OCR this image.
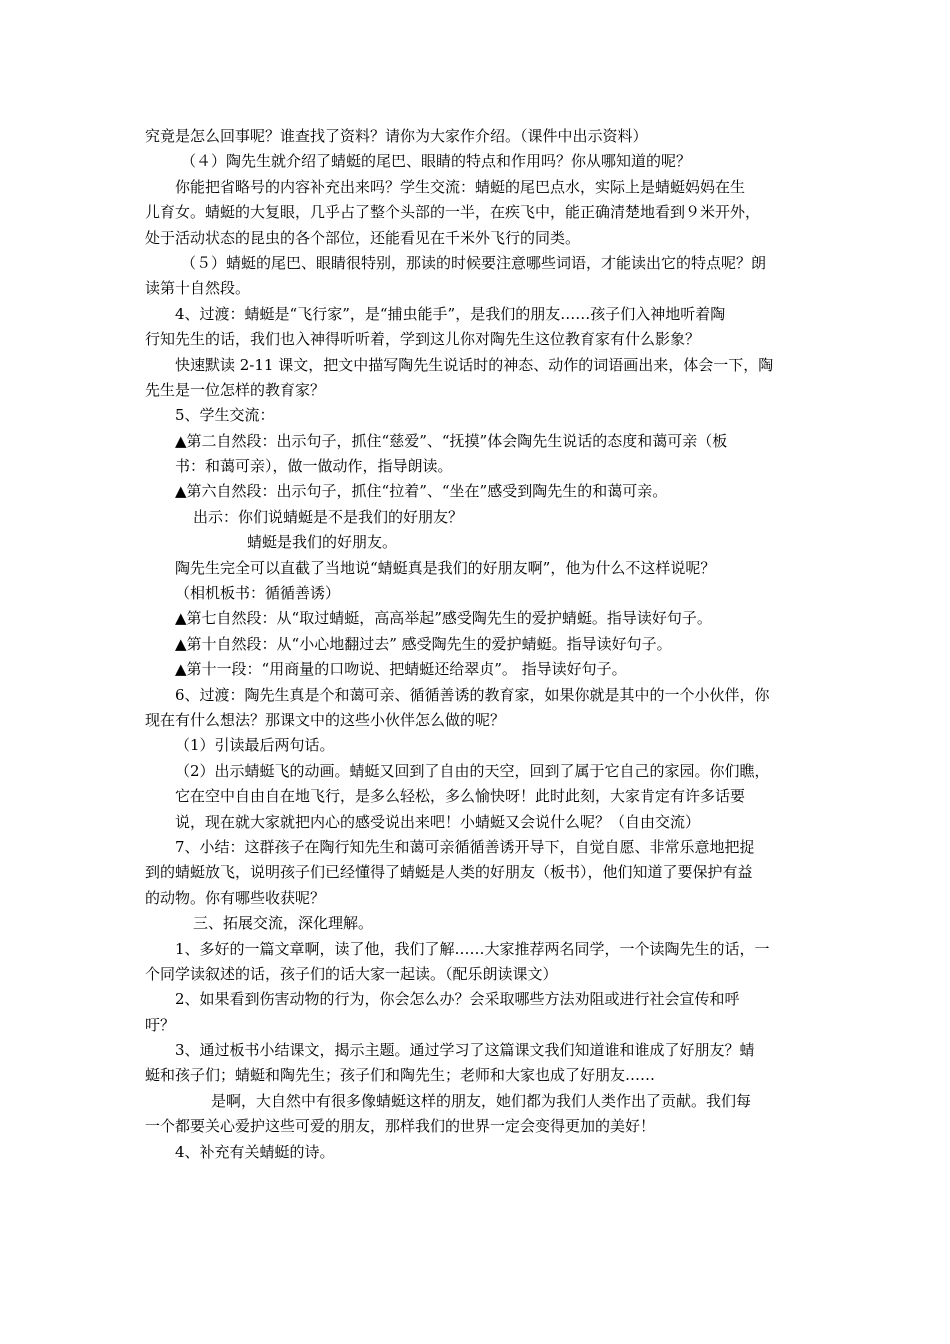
究竟是怎么回事呢？谁查找了资料？请你为大家作介绍。（课件中出示资料）
（４）陶先生就介绍了蜻蜓的尾巴、眼睛的特点和作用吗？你从哪知道的呢？
你能把省略号的内容补充出来吗？学生交流：蜻蜓的尾巴点水，实际上是蜻蜓妈妈在生
儿育女。蜻蜓的大复眼，几乎占了整个头部的一半，在疾飞中，能正确清楚地看到９米开外，
处于活动状态的昆虫的各个部位，还能看见在千米外飞行的同类。
（５）蜻蜓的尾巴、眼睛很特别，那读的时候要注意哪些词语，才能读出它的特点呢？朗
读第十自然段。
4、过渡：蜻蜓是“飞行家”，是“捕虫能手”，是我们的朋友……孩子们入神地听着陶
行知先生的话，我们也入神得听听着，学到这儿你对陶先生这位教育家有什么影象？
快速默读 2-11 课文，把文中描写陶先生说话时的神态、动作的词语画出来，体会一下，陶
先生是一位怎样的教育家？
5、学生交流：
▲第二自然段：出示句子，抓住“慈爱”、“抚摸”体会陶先生说话的态度和蔼可亲（板
书：和蔼可亲），做一做动作，指导朗读。
▲第六自然段：出示句子，抓住“拉着”、“坐在”感受到陶先生的和蔼可亲。
出示：你们说蜻蜓是不是我们的好朋友？
蜻蜓是我们的好朋友。
陶先生完全可以直截了当地说“蜻蜓真是我们的好朋友啊”，他为什么不这样说呢？
（相机板书：循循善诱）
▲第七自然段：从“取过蜻蜓，高高举起”感受陶先生的爱护蜻蜓。指导读好句子。
▲第十自然段：从“小心地翻过去” 感受陶先生的爱护蜻蜓。指导读好句子。
▲第十一段：“用商量的口吻说、把蜻蜓还给翠贞”。 指导读好句子。
6、过渡：陶先生真是个和蔼可亲、循循善诱的教育家，如果你就是其中的一个小伙伴，你
现在有什么想法？那课文中的这些小伙伴怎么做的呢？
（1）引读最后两句话。
（2）出示蜻蜓飞的动画。蜻蜓又回到了自由的天空，回到了属于它自己的家园。你们瞧，
它在空中自由自在地飞行，是多么轻松，多么愉快呀！此时此刻，大家肯定有许多话要
说，现在就大家就把内心的感受说出来吧！小蜻蜓又会说什么呢？（自由交流）
7、小结：这群孩子在陶行知先生和蔼可亲循循善诱开导下，自觉自愿、非常乐意地把捉
到的蜻蜓放飞，说明孩子们已经懂得了蜻蜓是人类的好朋友（板书），他们知道了要保护有益
的动物。你有哪些收获呢？
三、拓展交流，深化理解。
1、多好的一篇文章啊，读了他，我们了解……大家推荐两名同学，一个读陶先生的话，一
个同学读叙述的话，孩子们的话大家一起读。（配乐朗读课文）
2、如果看到伤害动物的行为，你会怎么办？会采取哪些方法劝阻或进行社会宣传和呼
吁？
3、通过板书小结课文，揭示主题。通过学习了这篇课文我们知道谁和谁成了好朋友？蜻
蜓和孩子们；蜻蜓和陶先生；孩子们和陶先生；老师和大家也成了好朋友……
是啊，大自然中有很多像蜻蜓这样的朋友，她们都为我们人类作出了贡献。我们每
一个都要关心爱护这些可爱的朋友，那样我们的世界一定会变得更加的美好！
4、补充有关蜻蜓的诗。
